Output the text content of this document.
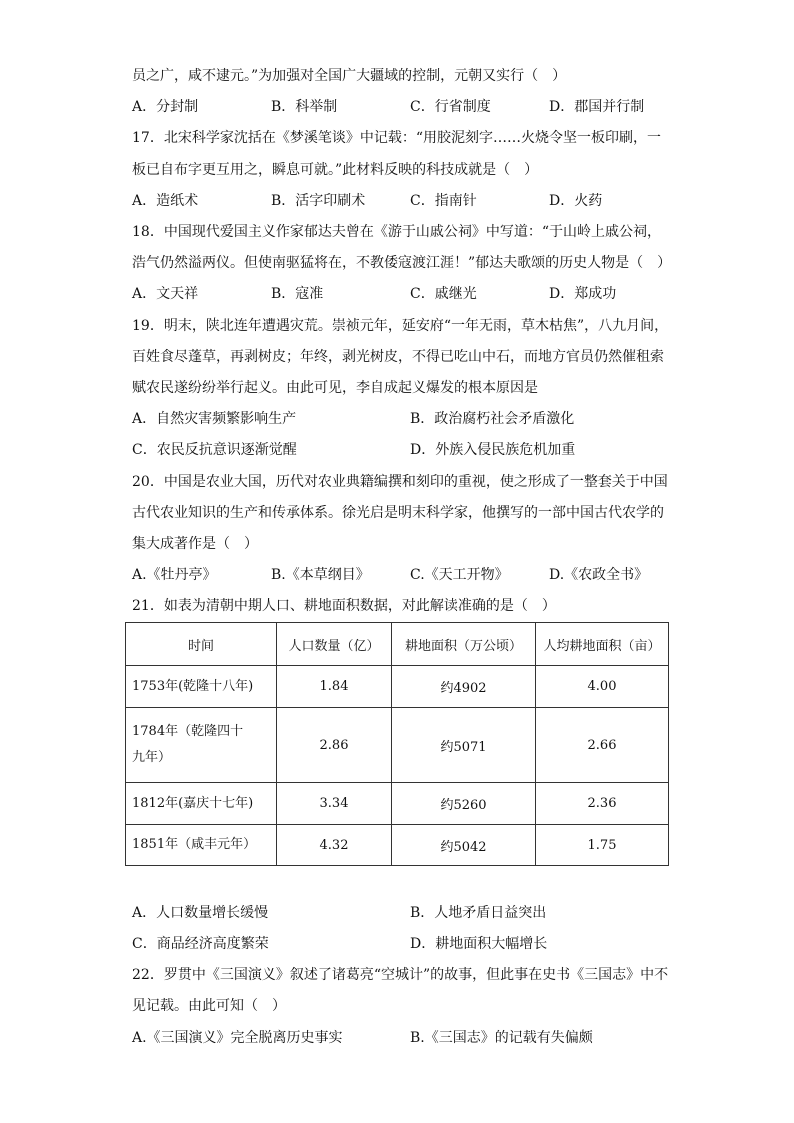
员之广，咸不逮元。”为加强对全国广大疆域的控制，元朝又实行（　）
A．分封制	B．科举制	C．行省制度	D．郡国并行制
17．北宋科学家沈括在《梦溪笔谈》中记载：“用胶泥刻字……火烧令坚一板印刷，一
板已自布字更互用之，瞬息可就。”此材料反映的科技成就是（　）
A．造纸术	B．活字印刷术	C．指南针	D．火药
18．中国现代爱国主义作家郁达夫曾在《游于山戚公祠》中写道：“于山岭上戚公祠，
浩气仍然溢两仪。但使南驱猛将在，不教倭寇渡江涯！”郁达夫歌颂的历史人物是（　）
A．文天祥	B．寇准	C．戚继光	D．郑成功
19．明末，陕北连年遭遇灾荒。崇祯元年，延安府“一年无雨，草木枯焦”，八九月间，
百姓食尽蓬草，再剥树皮；年终，剥光树皮，不得已吃山中石，而地方官员仍然催租索
赋农民遂纷纷举行起义。由此可见，李自成起义爆发的根本原因是
A．自然灾害频繁影响生产	B．政治腐朽社会矛盾激化
C．农民反抗意识逐渐觉醒	D．外族入侵民族危机加重
20．中国是农业大国，历代对农业典籍编撰和刻印的重视，使之形成了一整套关于中国
古代农业知识的生产和传承体系。徐光启是明末科学家，他撰写的一部中国古代农学的
集大成著作是（　）
A.《牡丹亭》	B.《本草纲目》	C.《天工开物》	D.《农政全书》
21．如表为清朝中期人口、耕地面积数据，对此解读准确的是（　）
时间	人口数量（亿）	耕地面积（万公顷）	人均耕地面积（亩）
1753年(乾隆十八年)	1.84	约4902	4.00

1784年（乾隆四十九年）	2.86	约5071	2.66
1812年(嘉庆十七年)	3.34	约5260	2.36
1851年（咸丰元年）	4.32	约5042	1.75
A．人口数量增长缓慢	B．人地矛盾日益突出
C．商品经济高度繁荣	D．耕地面积大幅增长
22．罗贯中《三国演义》叙述了诸葛亮“空城计”的故事，但此事在史书《三国志》中不
见记载。由此可知（　）
A.《三国演义》完全脱离历史事实	B.《三国志》的记载有失偏颇
